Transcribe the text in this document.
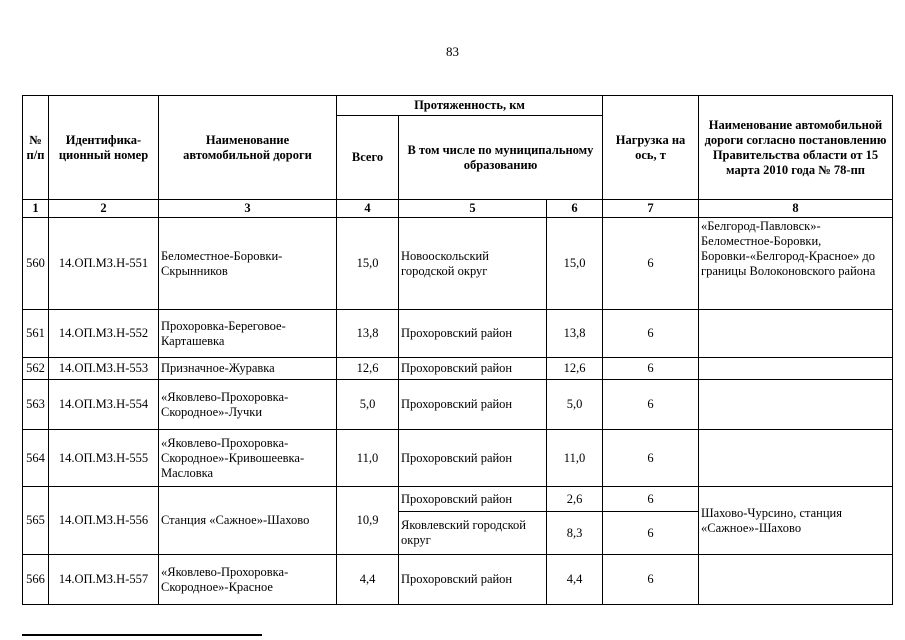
83
№ п/п	Идентифика-ционный номер	Наименование автомобильной дороги	Протяженность, км			Нагрузка на ось, т	Наименование автомобильной дороги согласно постановлению Правительства области от 15 марта 2010 года № 78-пп
			Всего	В том числе по муниципальному образованию			
1	2	3	4	5	6	7	8
560	14.ОП.МЗ.Н-551	Беломестное-Боровки-Скрынников	15,0	Новооскольский городской округ	15,0	6	«Белгород-Павловск»-Беломестное-Боровки, Боровки-«Белгород-Красное» до границы Волоконовского района
561	14.ОП.МЗ.Н-552	Прохоровка-Береговое-Карташевка	13,8	Прохоровский район	13,8	6	
562	14.ОП.МЗ.Н-553	Призначное-Журавка	12,6	Прохоровский район	12,6	6	
563	14.ОП.МЗ.Н-554	«Яковлево-Прохоровка-Скородное»-Лучки	5,0	Прохоровский район	5,0	6	
564	14.ОП.МЗ.Н-555	«Яковлево-Прохоровка-Скородное»-Кривошеевка-Масловка	11,0	Прохоровский район	11,0	6	
565	14.ОП.МЗ.Н-556	Станция «Сажное»-Шахово	10,9	Прохоровский район	2,6	6	Шахово-Чурсино, станция «Сажное»-Шахово
				Яковлевский городской округ	8,3	6	
566	14.ОП.МЗ.Н-557	«Яковлево-Прохоровка-Скородное»-Красное	4,4	Прохоровский район	4,4	6	
